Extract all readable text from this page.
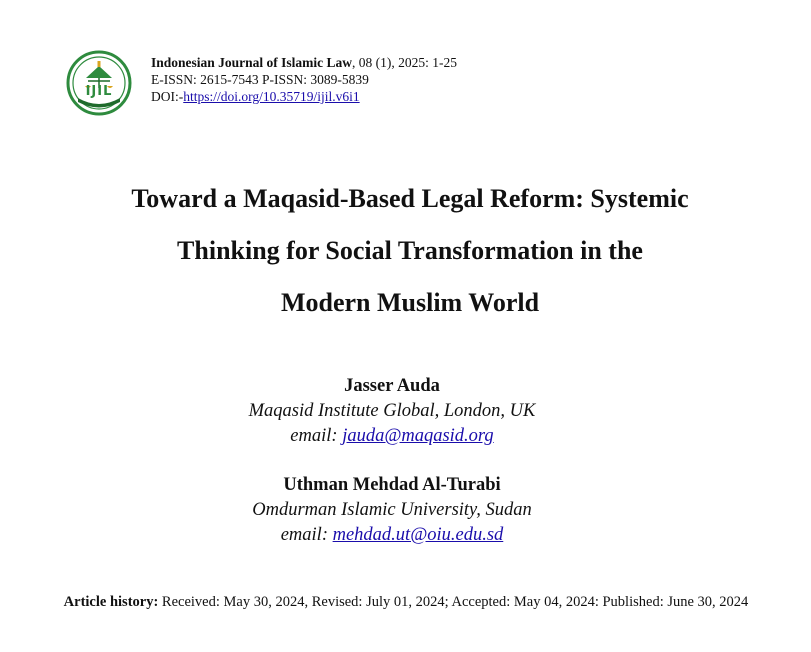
IJIL
Indonesian Journal of Islamic Law, 08 (1), 2025: 1-25
E-ISSN: 2615-7543 P-ISSN: 3089-5839
DOI:-https://doi.org/10.35719/ijil.v6i1
Toward a Maqasid-Based Legal Reform: Systemic
Thinking for Social Transformation in the
Modern Muslim World
Jasser Auda
Maqasid Institute Global, London, UK
email: jauda@maqasid.org
Uthman Mehdad Al-Turabi
Omdurman Islamic University, Sudan
email: mehdad.ut@oiu.edu.sd
Article history: Received: May 30, 2024, Revised: July 01, 2024; Accepted: May 04, 2024: Published: June 30, 2024
